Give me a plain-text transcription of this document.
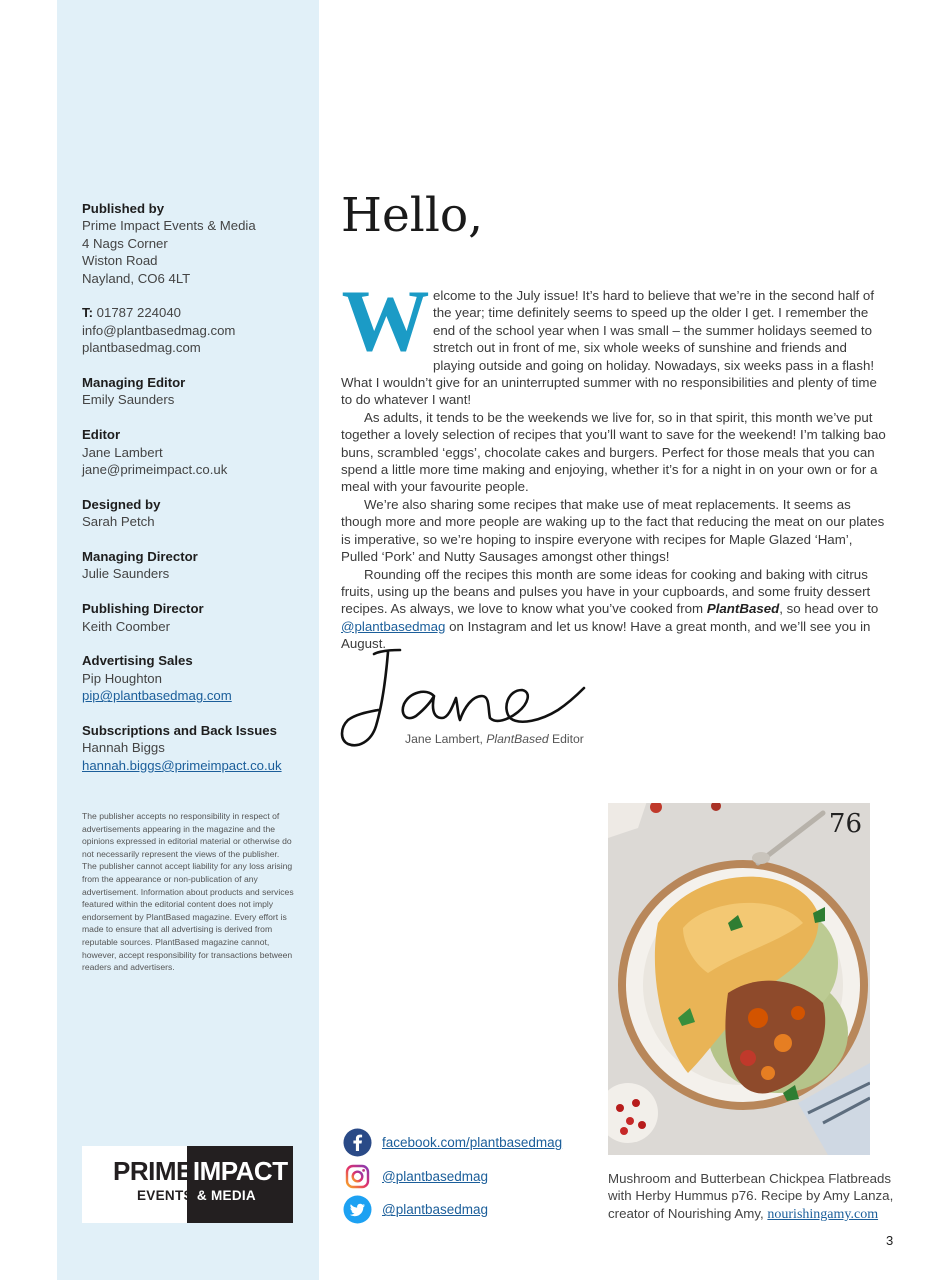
Published by
Prime Impact Events & Media
4 Nags Corner
Wiston Road
Nayland, CO6 4LT
T: 01787 224040
info@plantbasedmag.com
plantbasedmag.com
Managing Editor
Emily Saunders
Editor
Jane Lambert
jane@primeimpact.co.uk
Designed by
Sarah Petch
Managing Director
Julie Saunders
Publishing Director
Keith Coomber
Advertising Sales
Pip Houghton
pip@plantbasedmag.com
Subscriptions and Back Issues
Hannah Biggs
hannah.biggs@primeimpact.co.uk
The publisher accepts no responsibility in respect of advertisements appearing in the magazine and the opinions expressed in editorial material or otherwise do not necessarily represent the views of the publisher. The publisher cannot accept liability for any loss arising from the appearance or non-publication of any advertisement. Information about products and services featured within the editorial content does not imply endorsement by PlantBased magazine. Every effort is made to ensure that all advertising is derived from reputable sources. PlantBased magazine cannot, however, accept responsibility for transactions between readers and advertisers.
PRIMEIMPACT
EVENTS & MEDIA
Hello,

Welcome to the July issue! It’s hard to believe that we’re in the second half of the year; time definitely seems to speed up the older I get. I remember the end of the school year when I was small – the summer holidays seemed to stretch out in front of me, six whole weeks of sunshine and friends and playing outside and going on holiday. Nowadays, six weeks pass in a flash! What I wouldn’t give for an uninterrupted summer with no responsibilities and plenty of time to do whatever I want!

As adults, it tends to be the weekends we live for, so in that spirit, this month we’ve put together a lovely selection of recipes that you’ll want to save for the weekend! I’m talking bao buns, scrambled ‘eggs’, chocolate cakes and burgers. Perfect for those meals that you can spend a little more time making and enjoying, whether it’s for a night in on your own or for a meal with your favourite people.

We’re also sharing some recipes that make use of meat replacements. It seems as though more and more people are waking up to the fact that reducing the meat on our plates is imperative, so we’re hoping to inspire everyone with recipes for Maple Glazed ‘Ham’, Pulled ‘Pork’ and Nutty Sausages amongst other things!

Rounding off the recipes this month are some ideas for cooking and baking with citrus fruits, using up the beans and pulses you have in your cupboards, and some fruity dessert recipes. As always, we love to know what you’ve cooked from PlantBased, so head over to @plantbasedmag on Instagram and let us know! Have a great month, and we’ll see you in August.

Jane Lambert, PlantBased Editor
76
Mushroom and Butterbean Chickpea Flatbreads with Herby Hummus p76. Recipe by Amy Lanza, creator of Nourishing Amy, nourishingamy.com
facebook.com/plantbasedmag
@plantbasedmag
@plantbasedmag
3
